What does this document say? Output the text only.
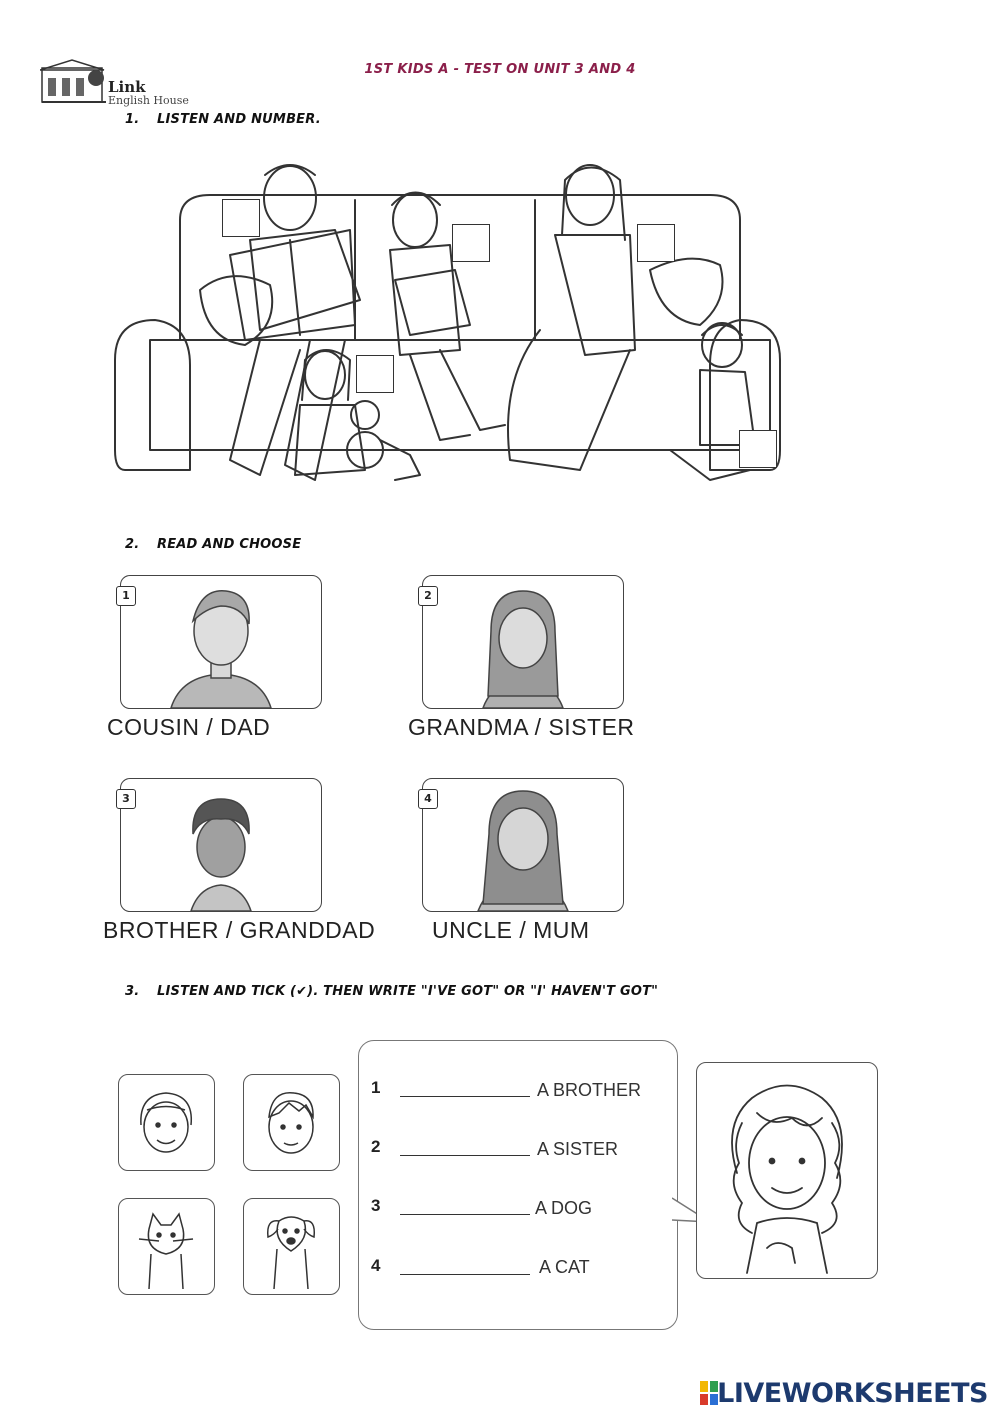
Link
English House
1ST KIDS A - TEST ON UNIT 3 AND 4
1. LISTEN AND NUMBER.
2. READ AND CHOOSE
1
COUSIN / DAD
2
GRANDMA / SISTER
3
BROTHER / GRANDDAD
4
UNCLE / MUM
3. LISTEN AND TICK (✔). THEN WRITE "I'VE GOT" OR "I' HAVEN'T GOT"
1	A BROTHER
2	A SISTER
3	A DOG
4	A CAT
LIVEWORKSHEETS
